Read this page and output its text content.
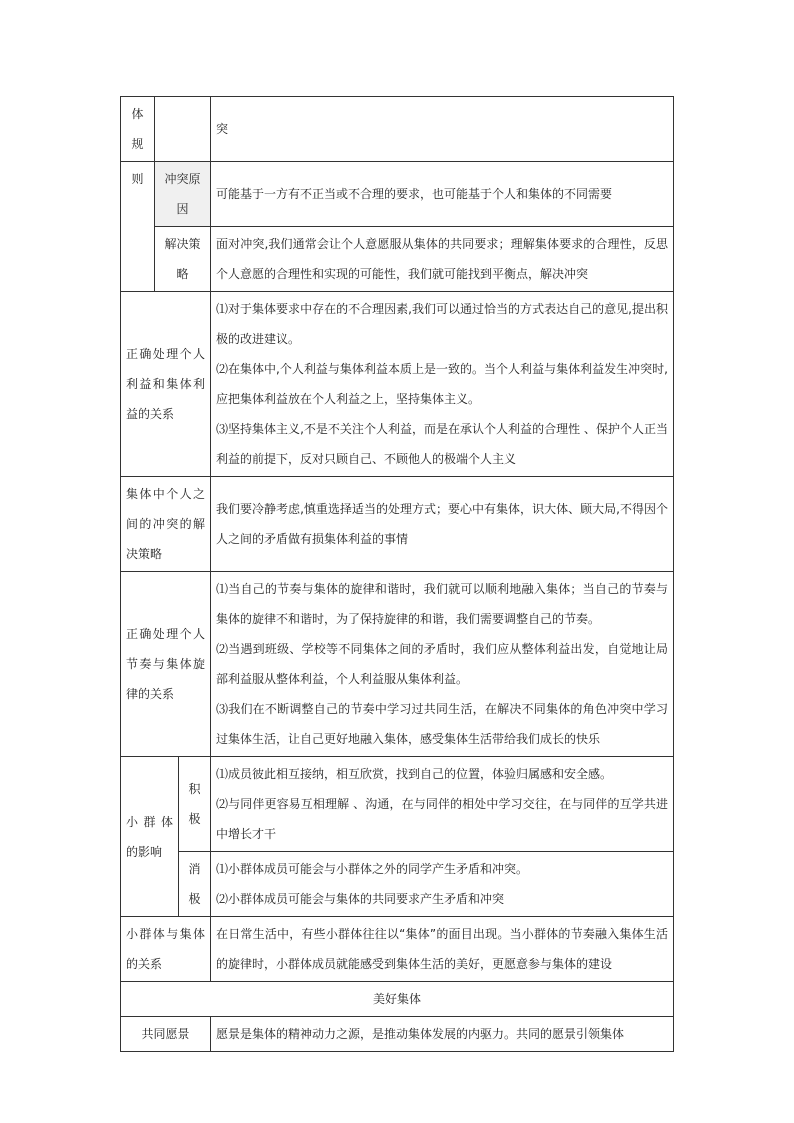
体规			突
则	冲突原因		可能基于一方有不正当或不合理的要求，也可能基于个人和集体的不同需要
	解决策略		面对冲突,我们通常会让个人意愿服从集体的共同要求；理解集体要求的合理性，反思个人意愿的合理性和实现的可能性，我们就可能找到平衡点，解决冲突
正确处理个人利益和集体利益的关系			⑴对于集体要求中存在的不合理因素,我们可以通过恰当的方式表达自己的意见,提出积极的改进建议。

⑵在集体中,个人利益与集体利益本质上是一致的。当个人利益与集体利益发生冲突时,应把集体利益放在个人利益之上，坚持集体主义。

⑶坚持集体主义,不是不关注个人利益，而是在承认个人利益的合理性 、保护个人正当利益的前提下，反对只顾自己、不顾他人的极端个人主义

集体中个人之间的冲突的解决策略			我们要冷静考虑,慎重选择适当的处理方式；要心中有集体，识大体、顾大局,不得因个人之间的矛盾做有损集体利益的事情
正确处理个人节奏与集体旋律的关系			⑴当自己的节奏与集体的旋律和谐时，我们就可以顺利地融入集体；当自己的节奏与集体的旋律不和谐时，为了保持旋律的和谐，我们需要调整自己的节奏。

⑵当遇到班级、学校等不同集体之间的矛盾时，我们应从整体利益出发，自觉地让局部利益服从整体利益，个人利益服从集体利益。

⑶我们在不断调整自己的节奏中学习过共同生活，在解决不同集体的角色冲突中学习过集体生活，让自己更好地融入集体，感受集体生活带给我们成长的快乐

小群体的影响		积极	⑴成员彼此相互接纳，相互欣赏，找到自己的位置，体验归属感和安全感。

⑵与同伴更容易互相理解 、沟通，在与同伴的相处中学习交往，在与同伴的互学共进中增长才干

		消极	⑴小群体成员可能会与小群体之外的同学产生矛盾和冲突。

⑵小群体成员可能会与集体的共同要求产生矛盾和冲突

小群体与集体的关系			在日常生活中，有些小群体往往以“集体”的面目出现。当小群体的节奏融入集体生活的旋律时，小群体成员就能感受到集体生活的美好，更愿意参与集体的建设
美好集体			
共同愿景			愿景是集体的精神动力之源，是推动集体发展的内驱力。共同的愿景引领集体
